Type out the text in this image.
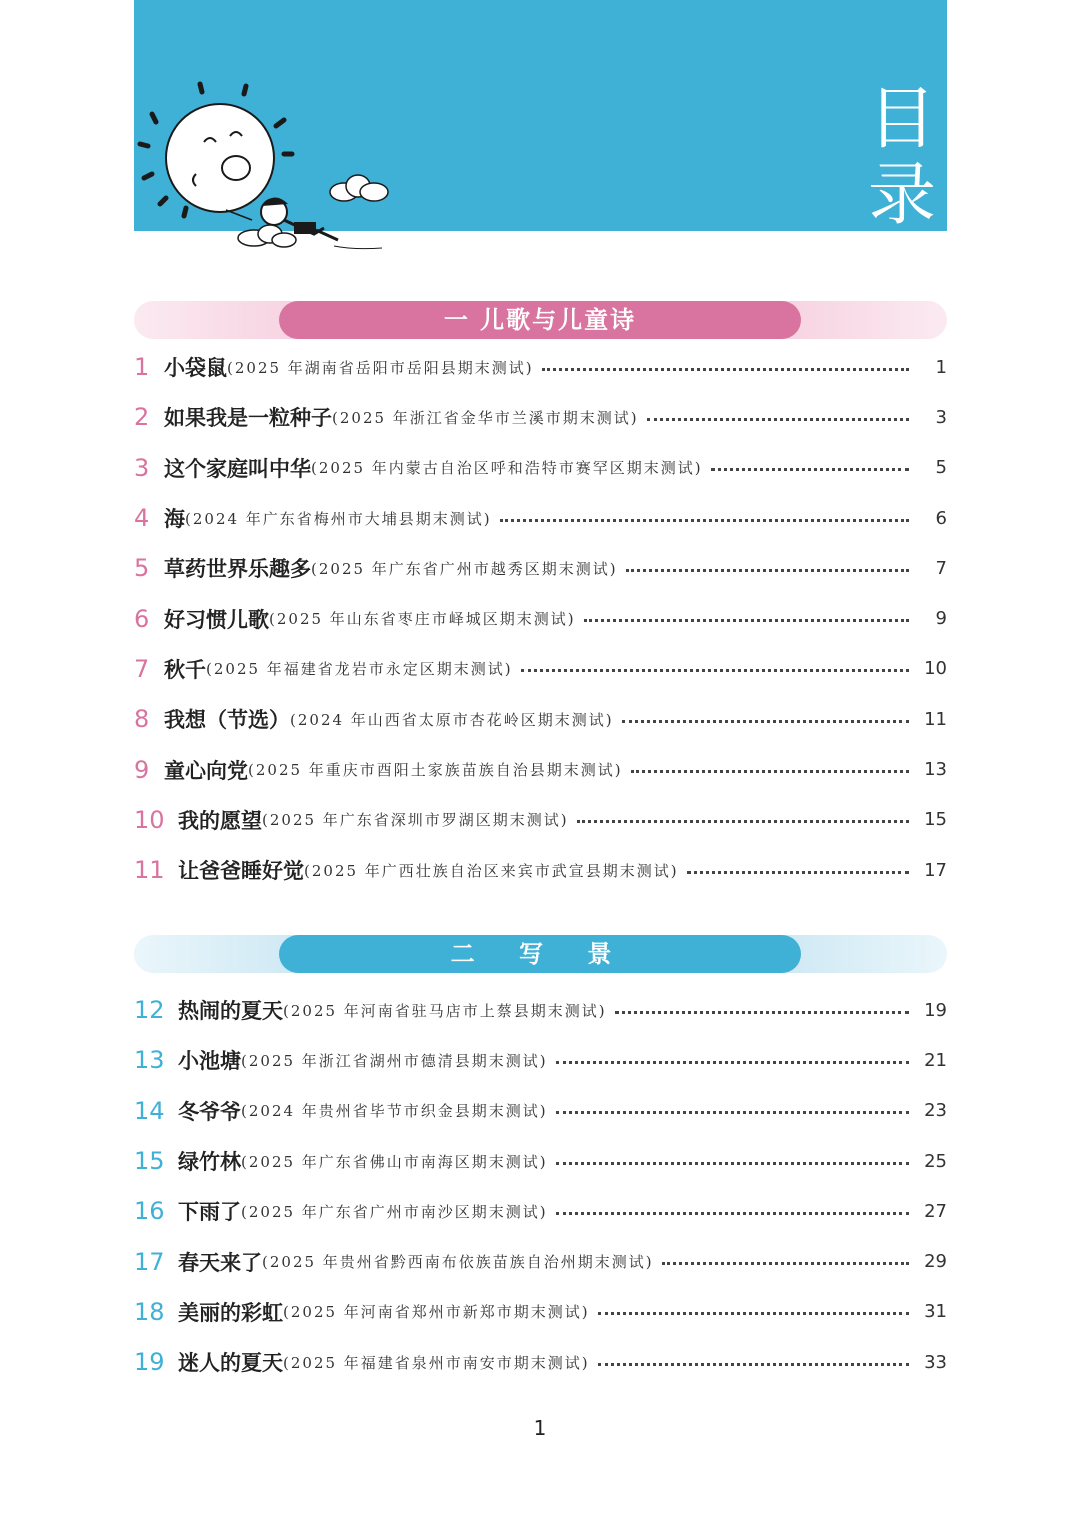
目录
一 儿歌与儿童诗
1 小袋鼠 (2025 年湖南省岳阳市岳阳县期末测试)	1
2 如果我是一粒种子 (2025 年浙江省金华市兰溪市期末测试)	3
3 这个家庭叫中华 (2025 年内蒙古自治区呼和浩特市赛罕区期末测试)	5
4 海 (2024 年广东省梅州市大埔县期末测试)	6
5 草药世界乐趣多 (2025 年广东省广州市越秀区期末测试)	7
6 好习惯儿歌 (2025 年山东省枣庄市峄城区期末测试)	9
7 秋千 (2025 年福建省龙岩市永定区期末测试)	10
8 我想（节选） (2024 年山西省太原市杏花岭区期末测试)	11
9 童心向党 (2025 年重庆市酉阳土家族苗族自治县期末测试)	13
10 我的愿望 (2025 年广东省深圳市罗湖区期末测试)	15
11 让爸爸睡好觉 (2025 年广西壮族自治区来宾市武宣县期末测试)	17
二 写 景
12 热闹的夏天 (2025 年河南省驻马店市上蔡县期末测试)	19
13 小池塘 (2025 年浙江省湖州市德清县期末测试)	21
14 冬爷爷 (2024 年贵州省毕节市织金县期末测试)	23
15 绿竹林 (2025 年广东省佛山市南海区期末测试)	25
16 下雨了 (2025 年广东省广州市南沙区期末测试)	27
17 春天来了 (2025 年贵州省黔西南布依族苗族自治州期末测试)	29
18 美丽的彩虹 (2025 年河南省郑州市新郑市期末测试)	31
19 迷人的夏天 (2025 年福建省泉州市南安市期末测试)	33
1
